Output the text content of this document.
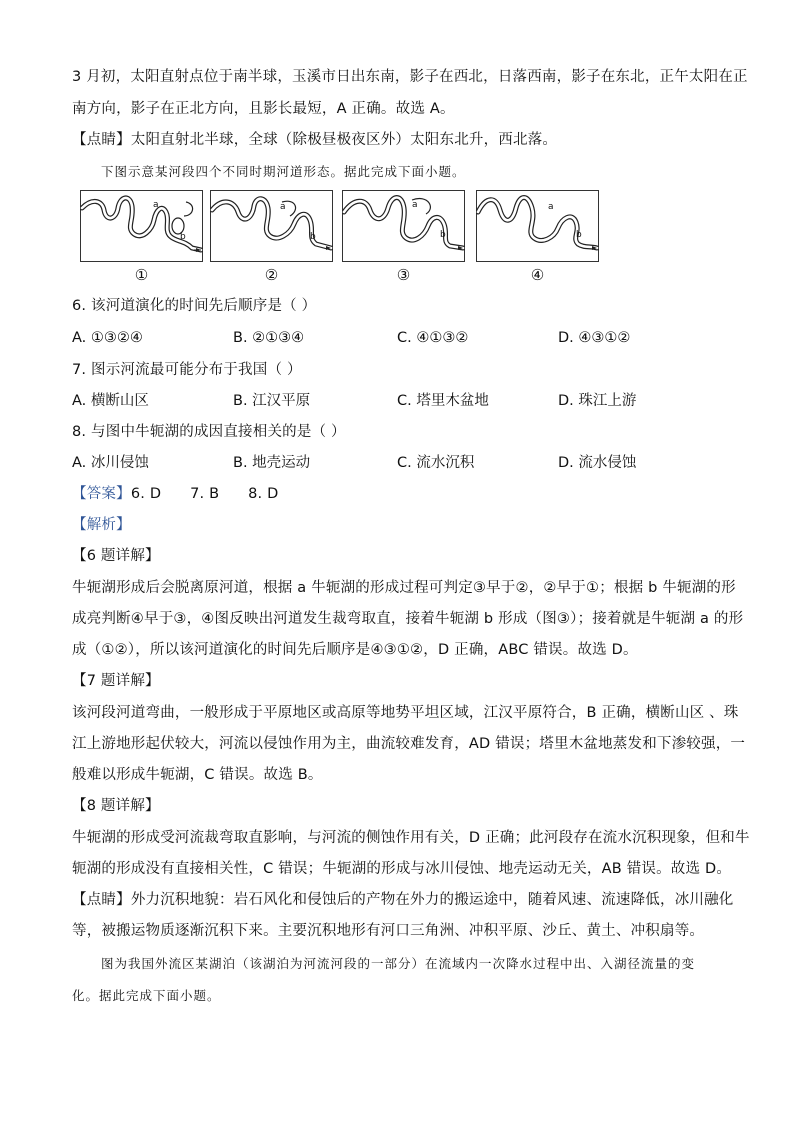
3 月初，太阳直射点位于南半球，玉溪市日出东南，影子在西北，日落西南，影子在东北，正午太阳在正
南方向，影子在正北方向，且影长最短，A 正确。故选 A。
【点睛】太阳直射北半球，全球（除极昼极夜区外）太阳东北升，西北落。
下图示意某河段四个不同时期河道形态。据此完成下面小题。
a
b
①
a
b
②
a
b
③
a
b
④
6. 该河道演化的时间先后顺序是（ ）
A. ①③②④	B. ②①③④	C. ④①③②	D. ④③①②
7. 图示河流最可能分布于我国（ ）
A. 横断山区	B. 江汉平原	C. 塔里木盆地	D. 珠江上游
8. 与图中牛轭湖的成因直接相关的是（ ）
A. 冰川侵蚀	B. 地壳运动	C. 流水沉积	D. 流水侵蚀
【答案】6. D      7. B      8. D
【解析】
【6 题详解】
牛轭湖形成后会脱离原河道，根据 a 牛轭湖的形成过程可判定③早于②，②早于①；根据 b 牛轭湖的形
成亮判断④早于③，④图反映出河道发生裁弯取直，接着牛轭湖 b 形成（图③）；接着就是牛轭湖 a 的形
成（①②），所以该河道演化的时间先后顺序是④③①②，D 正确，ABC 错误。故选 D。
【7 题详解】
该河段河道弯曲，一般形成于平原地区或高原等地势平坦区域，江汉平原符合，B 正确，横断山区 、珠
江上游地形起伏较大，河流以侵蚀作用为主，曲流较难发育，AD 错误；塔里木盆地蒸发和下渗较强，一
般难以形成牛轭湖，C 错误。故选 B。
【8 题详解】
牛轭湖的形成受河流裁弯取直影响，与河流的侧蚀作用有关，D 正确；此河段存在流水沉积现象，但和牛
轭湖的形成没有直接相关性，C 错误；牛轭湖的形成与冰川侵蚀、地壳运动无关，AB 错误。故选 D。
【点睛】外力沉积地貌：岩石风化和侵蚀后的产物在外力的搬运途中，随着风速、流速降低，冰川融化
等，被搬运物质逐渐沉积下来。主要沉积地形有河口三角洲、冲积平原、沙丘、黄土、冲积扇等。
图为我国外流区某湖泊（该湖泊为河流河段的一部分）在流域内一次降水过程中出、入湖径流量的变
化。据此完成下面小题。
